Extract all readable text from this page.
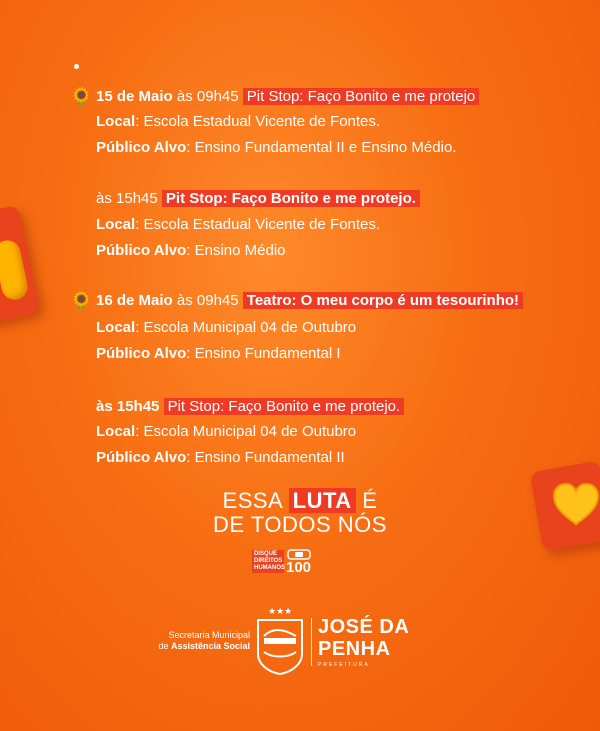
🌻 15 de Maio às 09h45 Pit Stop: Faço Bonito e me protejo
Local: Escola Estadual Vicente de Fontes.
Público Alvo: Ensino Fundamental II e Ensino Médio.
às 15h45 Pit Stop: Faço Bonito e me protejo.
Local: Escola Estadual Vicente de Fontes.
Público Alvo: Ensino Médio
🌻 16 de Maio às 09h45 Teatro: O meu corpo é um tesourinho!
Local: Escola Municipal 04 de Outubro
Público Alvo: Ensino Fundamental I
às 15h45 Pit Stop: Faço Bonito e me protejo.
Local: Escola Municipal 04 de Outubro
Público Alvo: Ensino Fundamental II
ESSA LUTA É
DE TODOS NÓS
DISQUE DIREITOS HUMANOS 100
Secretaria Municipal
de Assistência Social
★★★
JOSÉ DA
PENHA
PREFEITURA
